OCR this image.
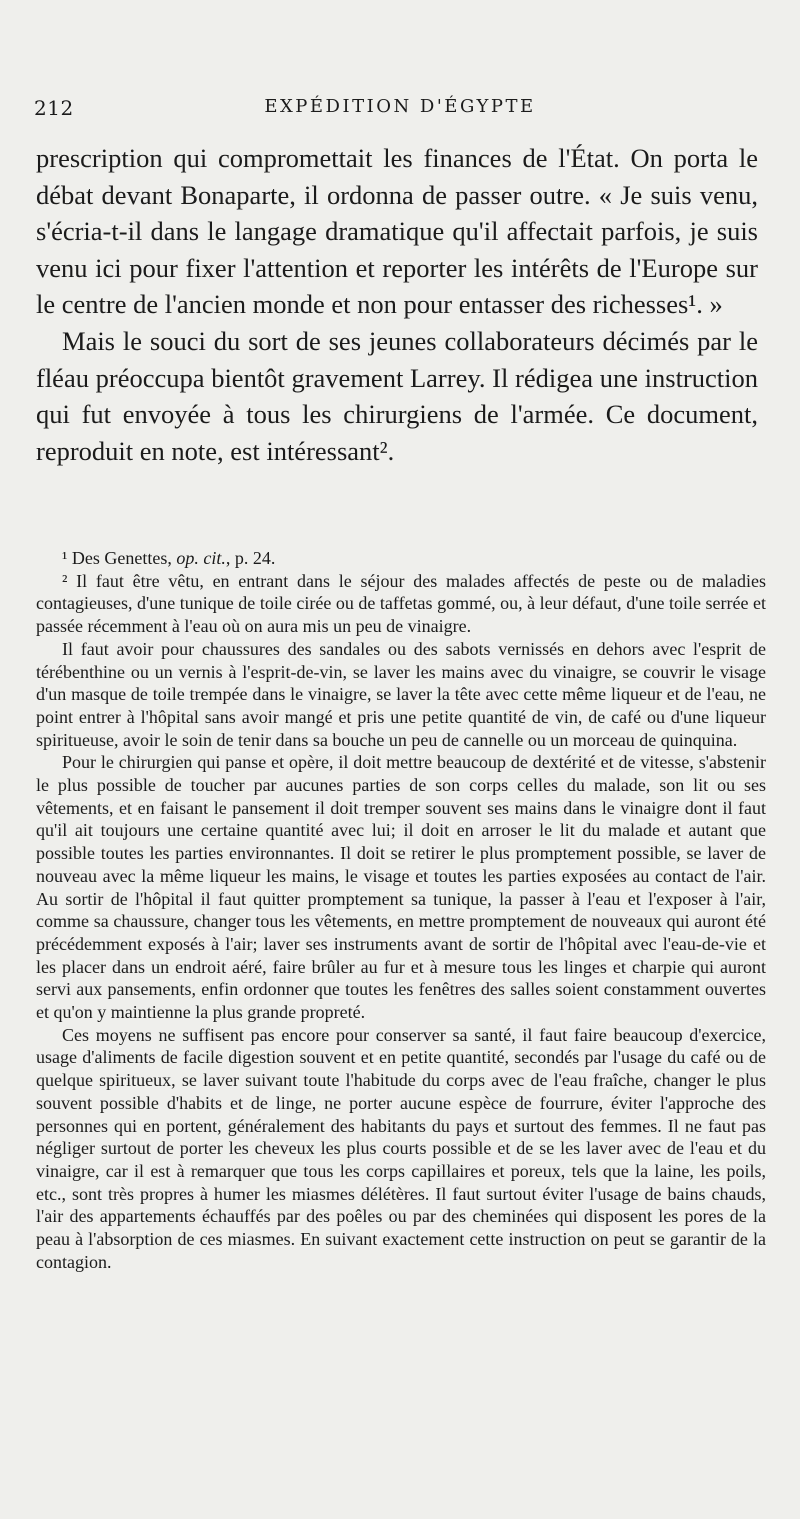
212	EXPÉDITION D'ÉGYPTE

prescription qui compromettait les finances de l'État. On porta le débat devant Bonaparte, il ordonna de passer outre. « Je suis venu, s'écria-t-il dans le langage dramatique qu'il affectait parfois, je suis venu ici pour fixer l'attention et reporter les intérêts de l'Europe sur le centre de l'ancien monde et non pour entasser des richesses¹. »

Mais le souci du sort de ses jeunes collaborateurs décimés par le fléau préoccupa bientôt gravement Larrey. Il rédigea une instruction qui fut envoyée à tous les chirurgiens de l'armée. Ce document, reproduit en note, est intéressant².

¹ Des Genettes, op. cit., p. 24.

² Il faut être vêtu, en entrant dans le séjour des malades affectés de peste ou de maladies contagieuses, d'une tunique de toile cirée ou de taffetas gommé, ou, à leur défaut, d'une toile serrée et passée récemment à l'eau où on aura mis un peu de vinaigre.

Il faut avoir pour chaussures des sandales ou des sabots vernissés en dehors avec l'esprit de térébenthine ou un vernis à l'esprit-de-vin, se laver les mains avec du vinaigre, se couvrir le visage d'un masque de toile trempée dans le vinaigre, se laver la tête avec cette même liqueur et de l'eau, ne point entrer à l'hôpital sans avoir mangé et pris une petite quantité de vin, de café ou d'une liqueur spiritueuse, avoir le soin de tenir dans sa bouche un peu de cannelle ou un morceau de quinquina.

Pour le chirurgien qui panse et opère, il doit mettre beaucoup de dextérité et de vitesse, s'abstenir le plus possible de toucher par aucunes parties de son corps celles du malade, son lit ou ses vêtements, et en faisant le pansement il doit tremper souvent ses mains dans le vinaigre dont il faut qu'il ait toujours une certaine quantité avec lui; il doit en arroser le lit du malade et autant que possible toutes les parties environnantes. Il doit se retirer le plus promptement possible, se laver de nouveau avec la même liqueur les mains, le visage et toutes les parties exposées au contact de l'air. Au sortir de l'hôpital il faut quitter promptement sa tunique, la passer à l'eau et l'exposer à l'air, comme sa chaussure, changer tous les vêtements, en mettre promptement de nouveaux qui auront été précédemment exposés à l'air; laver ses instruments avant de sortir de l'hôpital avec l'eau-de-vie et les placer dans un endroit aéré, faire brûler au fur et à mesure tous les linges et charpie qui auront servi aux pansements, enfin ordonner que toutes les fenêtres des salles soient constamment ouvertes et qu'on y maintienne la plus grande propreté.

Ces moyens ne suffisent pas encore pour conserver sa santé, il faut faire beaucoup d'exercice, usage d'aliments de facile digestion souvent et en petite quantité, secondés par l'usage du café ou de quelque spiritueux, se laver suivant toute l'habitude du corps avec de l'eau fraîche, changer le plus souvent possible d'habits et de linge, ne porter aucune espèce de fourrure, éviter l'approche des personnes qui en portent, généralement des habitants du pays et surtout des femmes. Il ne faut pas négliger surtout de porter les cheveux les plus courts possible et de se les laver avec de l'eau et du vinaigre, car il est à remarquer que tous les corps capillaires et poreux, tels que la laine, les poils, etc., sont très propres à humer les miasmes délétères. Il faut surtout éviter l'usage de bains chauds, l'air des appartements échauffés par des poêles ou par des cheminées qui disposent les pores de la peau à l'absorption de ces miasmes. En suivant exactement cette instruction on peut se garantir de la contagion.
